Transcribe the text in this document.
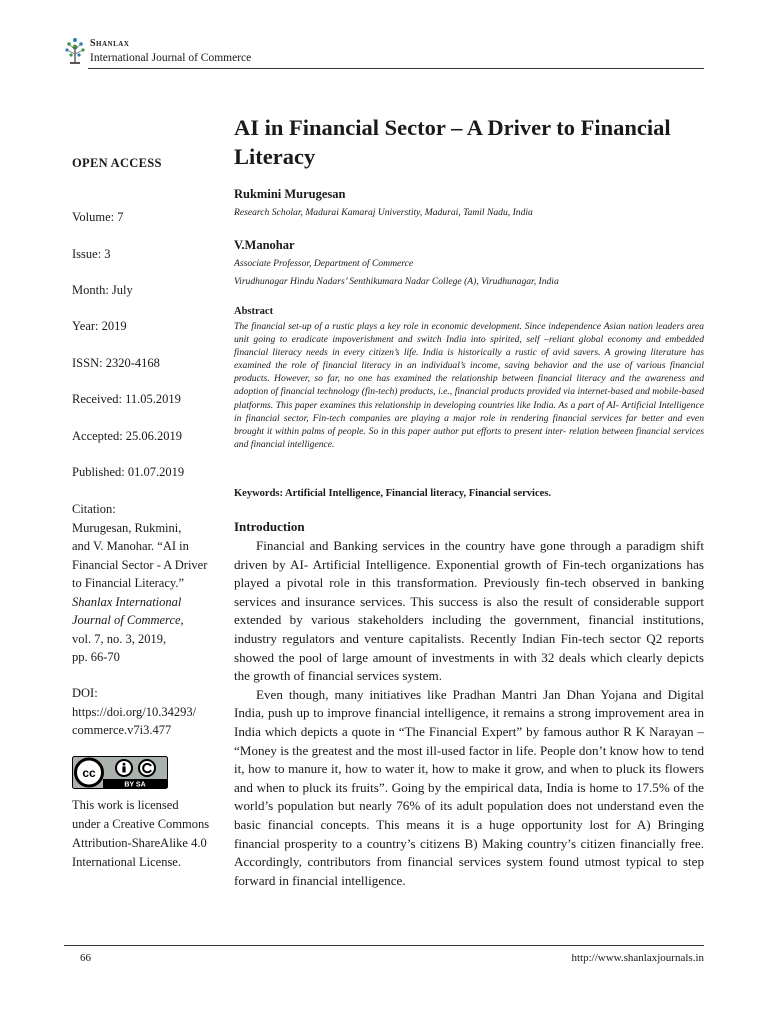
Shanlax
International Journal of Commerce
AI in Financial Sector – A Driver to Financial Literacy
OPEN ACCESS
Volume: 7
Issue: 3
Month: July
Year: 2019
ISSN: 2320-4168
Received: 11.05.2019
Accepted: 25.06.2019
Published: 01.07.2019
Citation:
Murugesan, Rukmini,
and V. Manohar. “AI in
Financial Sector - A Driver
to Financial Literacy.”
Shanlax International
Journal of Commerce,
vol. 7, no. 3, 2019,
pp. 66-70
DOI:
https://doi.org/10.34293/
commerce.v7i3.477
cc
BY SA
This work is licensed
under a Creative Commons
Attribution-ShareAlike 4.0
International License.
Rukmini Murugesan
Research Scholar, Madurai Kamaraj Universtity, Madurai, Tamil Nadu, India
V.Manohar
Associate Professor, Department of Commerce
Virudhunagar Hindu Nadars’ Senthikumara Nadar College (A), Virudhunagar, India
Abstract

The financial set-up of a rustic plays a key role in economic development. Since independence Asian nation leaders area unit going to eradicate impoverishment and switch India into spirited, self –reliant global economy and embedded financial literacy needs in every citizen’s life. India is historically a rustic of avid savers. A growing literature has examined the role of financial literacy in an individual’s income, saving behavior and the use of various financial products. However, so far, no one has examined the relationship between financial literacy and the awareness and adoption of financial technology (fin-tech) products, i.e., financial products provided via internet-based and mobile-based platforms. This paper examines this relationship in developing countries like India. As a part of AI- Artificial Intelligence in financial sector, Fin-tech companies are playing a major role in rendering financial services far better and even brought it within palms of people. So in this paper author put efforts to present inter- relation between financial services and financial intelligence.

Keywords: Artificial Intelligence, Financial literacy, Financial services.
Introduction

Financial and Banking services in the country have gone through a paradigm shift driven by AI- Artificial Intelligence. Exponential growth of Fin-tech organizations has played a pivotal role in this transformation. Previously fin-tech observed in banking services and insurance services. This success is also the result of considerable support extended by various stakeholders including the government, financial institutions, industry regulators and venture capitalists. Recently Indian Fin-tech sector Q2 reports showed the pool of large amount of investments in with 32 deals which clearly depicts the growth of financial services system.

Even though, many initiatives like Pradhan Mantri Jan Dhan Yojana and Digital India, push up to improve financial intelligence, it remains a strong improvement area in India which depicts a quote in “The Financial Expert” by famous author R K Narayan – “Money is the greatest and the most ill-used factor in life. People don’t know how to tend it, how to manure it, how to water it, how to make it grow, and when to pluck its flowers and when to pluck its fruits”. Going by the empirical data, India is home to 17.5% of the world’s population but nearly 76% of its adult population does not understand even the basic financial concepts. This means it is a huge opportunity lost for A) Bringing financial prosperity to a country’s citizens B) Making country’s citizen financially free. Accordingly, contributors from financial services system found utmost typical to step forward in financial intelligence.

66	http://www.shanlaxjournals.in
